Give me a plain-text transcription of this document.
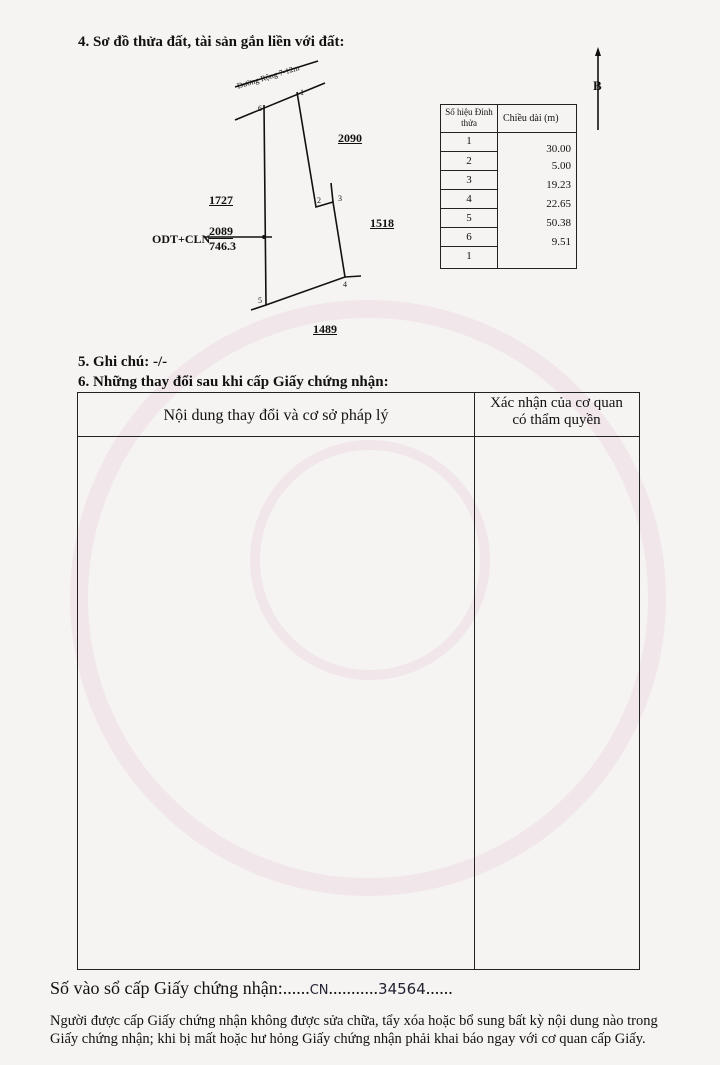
4. Sơ đồ thửa đất, tài sản gắn liền với đất:
Đường Rộng 7-12m	B
6
1
2 3
4
5
2090
1727
1518
1489
ODT+CLN
2089
746.3
Số hiệu Đỉnh thửa	Chiều dài (m)
1
2
3
4
5
6
1
30.00
5.00
19.23
22.65
50.38
9.51
5. Ghi chú: -/-
6. Những thay đổi sau khi cấp Giấy chứng nhận:
Nội dung thay đổi và cơ sở pháp lý
Xác nhận của cơ quan
có thẩm quyền
Số vào sổ cấp Giấy chứng nhận:......CN...........34564......
Người được cấp Giấy chứng nhận không được sửa chữa, tẩy xóa hoặc bổ sung bất kỳ nội dung nào trong
Giấy chứng nhận; khi bị mất hoặc hư hỏng Giấy chứng nhận phải khai báo ngay với cơ quan cấp Giấy.
